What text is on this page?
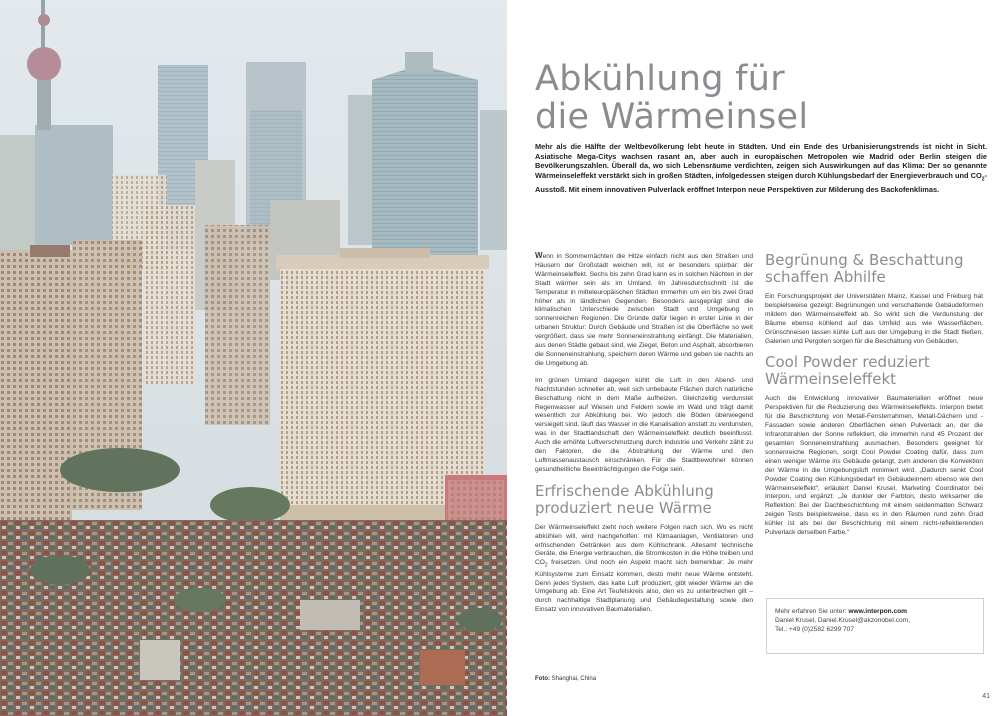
Abkühlung für
die Wärmeinsel

Mehr als die Hälfte der Weltbevölkerung lebt heute in Städten. Und ein Ende des Urbanisierungstrends ist nicht in Sicht. Asiatische Mega-Citys wachsen rasant an, aber auch in europäischen Metropolen wie Madrid oder Berlin steigen die Bevölkerungszahlen. Überall da, wo sich Lebensräume verdichten, zeigen sich Auswirkungen auf das Klima: Der so genannte Wärmeinseleffekt verstärkt sich in großen Städten, infolgedessen steigen durch Kühlungsbedarf der Energieverbrauch und $CO_2$-Ausstoß. Mit einem innovativen Pulverlack eröffnet Interpon neue Perspektiven zur Milderung des Backofenklimas.

Wenn in Sommernächten die Hitze einfach nicht aus den Straßen und Häusern der Großstadt weichen will, ist er besonders spürbar: der Wärmeinseleffekt. Sechs bis zehn Grad kann es in solchen Nächten in der Stadt wärmer sein als im Umland. Im Jahresdurchschnitt ist die Temperatur in mitteleuropäischen Städten immerhin um ein bis zwei Grad höher als in ländlichen Gegenden. Besonders ausgeprägt sind die klimatischen Unterschiede zwischen Stadt und Umgebung in sonnenreichen Regionen. Die Gründe dafür liegen in erster Linie in der urbanen Struktur: Durch Gebäude und Straßen ist die Oberfläche so weit vergrößert, dass sie mehr Sonneneinstrahlung einfängt. Die Materialien, aus denen Städte gebaut sind, wie Ziegel, Beton und Asphalt, absorbieren die Sonneneinstrahlung, speichern deren Wärme und geben sie nachts an die Umgebung ab.

Im grünen Umland dagegen kühlt die Luft in den Abend- und Nachtstunden schneller ab, weil sich unbebaute Flächen durch natürliche Beschattung nicht in dem Maße aufheizen. Gleichzeitig verdunstet Regenwasser auf Wiesen und Feldern sowie im Wald und trägt damit wesentlich zur Abkühlung bei. Wo jedoch die Böden überwiegend versiegelt sind, läuft das Wasser in die Kanalisation anstatt zu verdunsten, was in der Stadtlandschaft den Wärmeinseleffekt deutlich beeinflusst. Auch die erhöhte Luftverschmutzung durch Industrie und Verkehr zählt zu den Faktoren, die die Abstrahlung der Wärme und den Luftmassenaustausch einschränken. Für die Stadtbewohner können gesundheitliche Beeinträchtigungen die Folge sein.

Erfrischende Abkühlung
produziert neue Wärme

Der Wärmeinseleffekt zieht noch weitere Folgen nach sich. Wo es nicht abkühlen will, wird nachgeholfen: mit Klimaanlagen, Ventilatoren und erfrischenden Getränken aus dem Kühlschrank. Allesamt technische Geräte, die Energie verbrauchen, die Stromkosten in die Höhe treiben und $CO_2$ freisetzen. Und noch ein Aspekt macht sich bemerkbar: Je mehr Kühlsysteme zum Einsatz kommen, desto mehr neue Wärme entsteht. Denn jedes System, das kalte Luft produziert, gibt wieder Wärme an die Umgebung ab. Eine Art Teufelskreis also, den es zu unterbrechen gilt – durch nachhaltige Stadtplanung und Gebäudegestaltung sowie den Einsatz von innovativen Baumaterialien.

Begrünung & Beschattung
schaffen Abhilfe

Ein Forschungsprojekt der Universitäten Mainz, Kassel und Freiburg hat beispielsweise gezeigt: Begrünungen und verschattende Gebäudeformen mildern den Wärmeinseleffekt ab. So wirkt sich die Verdunstung der Bäume ebenso kühlend auf das Umfeld aus wie Wasserflächen, Grünschneisen lassen kühle Luft aus der Umgebung in die Stadt fließen, Galerien und Pergolen sorgen für die Beschattung von Gebäuden.

Cool Powder reduziert
Wärmeinseleffekt

Auch die Entwicklung innovativer Baumaterialien eröffnet neue Perspektiven für die Reduzierung des Wärmeinseleffekts. Interpon bietet für die Beschichtung von Metall-Fensterrahmen, Metall-Dächern und -Fassaden sowie anderen Oberflächen einen Pulverlack an, der die Infrarotstrahlen der Sonne reflektiert, die immerhin rund 45 Prozent der gesamten Sonneneinstrahlung ausmachen. Besonders geeignet für sonnenreiche Regionen, sorgt Cool Powder Coating dafür, dass zum einen weniger Wärme ins Gebäude gelangt, zum anderen die Konvektion der Wärme in die Umgebungsluft minimiert wird. „Dadurch senkt Cool Powder Coating den Kühlungsbedarf im Gebäudeinnern ebenso wie den Wärmeinseleffekt“, erläutert Daniel Krusel, Marketing Coordinator bei Interpon, und ergänzt: „Je dunkler der Farbton, desto wirksamer die Reflektion: Bei der Dachbeschichtung mit einem seidenmatten Schwarz zeigen Tests beispielsweise, dass es in den Räumen rund zehn Grad kühler ist als bei der Beschichtung mit einem nicht-reflektierenden Pulverlack derselben Farbe.“

Mehr erfahren Sie unter: www.interpon.com
Daniel Krusel, Daniel.Krusel@akzonobel.com,
Tel.: +49 (0)2582 6299 707
Foto: Shanghai, China
41
